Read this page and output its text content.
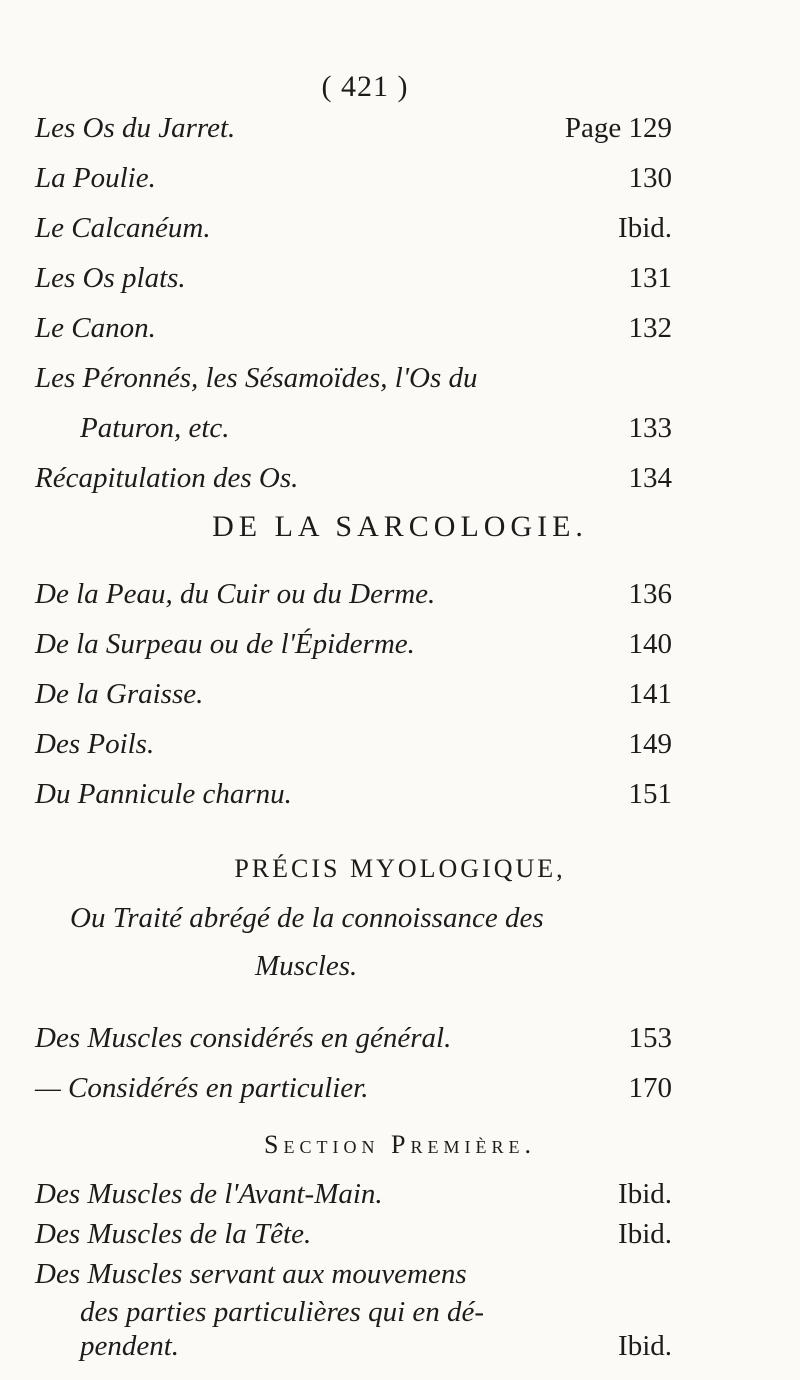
( 421 )
Les Os du Jarret.	Page 129
La Poulie.	130
Le Calcanéum.	Ibid.
Les Os plats.	131
Le Canon.	132
Les Péronnés, les Sésamoïdes, l'Os du
Paturon, etc.	133
Récapitulation des Os.	134
DE LA SARCOLOGIE.
De la Peau, du Cuir ou du Derme.	136
De la Surpeau ou de l'Épiderme.	140
De la Graisse.	141
Des Poils.	149
Du Pannicule charnu.	151
PRÉCIS MYOLOGIQUE,
Ou Traité abrégé de la connoissance des
Muscles.
Des Muscles considérés en général.	153
— Considérés en particulier.	170
Section Première.
Des Muscles de l'Avant-Main.	Ibid.
Des Muscles de la Tête.	Ibid.
Des Muscles servant aux mouvemens
des parties particulières qui en dé-
pendent.	Ibid.
